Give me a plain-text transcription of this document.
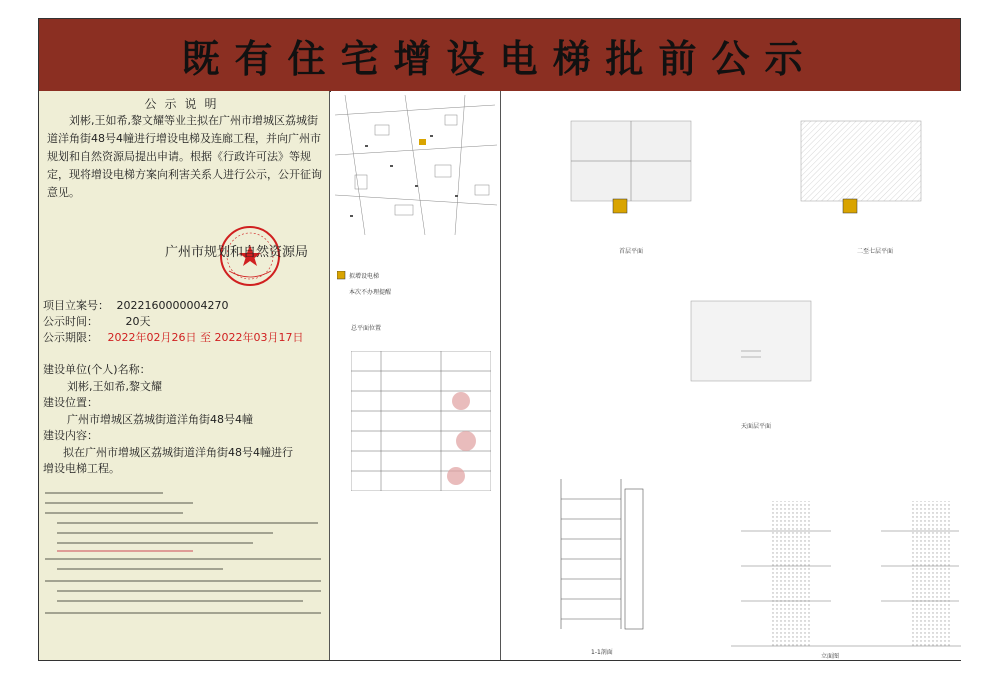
既有住宅增设电梯批前公示
公示说明
刘彬,王如希,黎文耀等业主拟在广州市增城区荔城街道洋角街48号4幢进行增设电梯及连廊工程，并向广州市规划和自然资源局提出申请。根据《行政许可法》等规定，现将增设电梯方案向利害关系人进行公示，公开征询意见。
广州市规划和自然资源局
项目立案号： 2022160000004270
公示时间：	20天
公示期限： 2022年02月26日 至 2022年03月17日
建设单位(个人)名称：
刘彬,王如希,黎文耀
建设位置：
广州市增城区荔城街道洋角街48号4幢
建设内容：
拟在广州市增城区荔城街道洋角街48号4幢进行
增设电梯工程。
拟增设电梯
本次不办理提醒
总平面位置
首层平面	二至七层平面
天面层平面
1-1剖面
立面图
